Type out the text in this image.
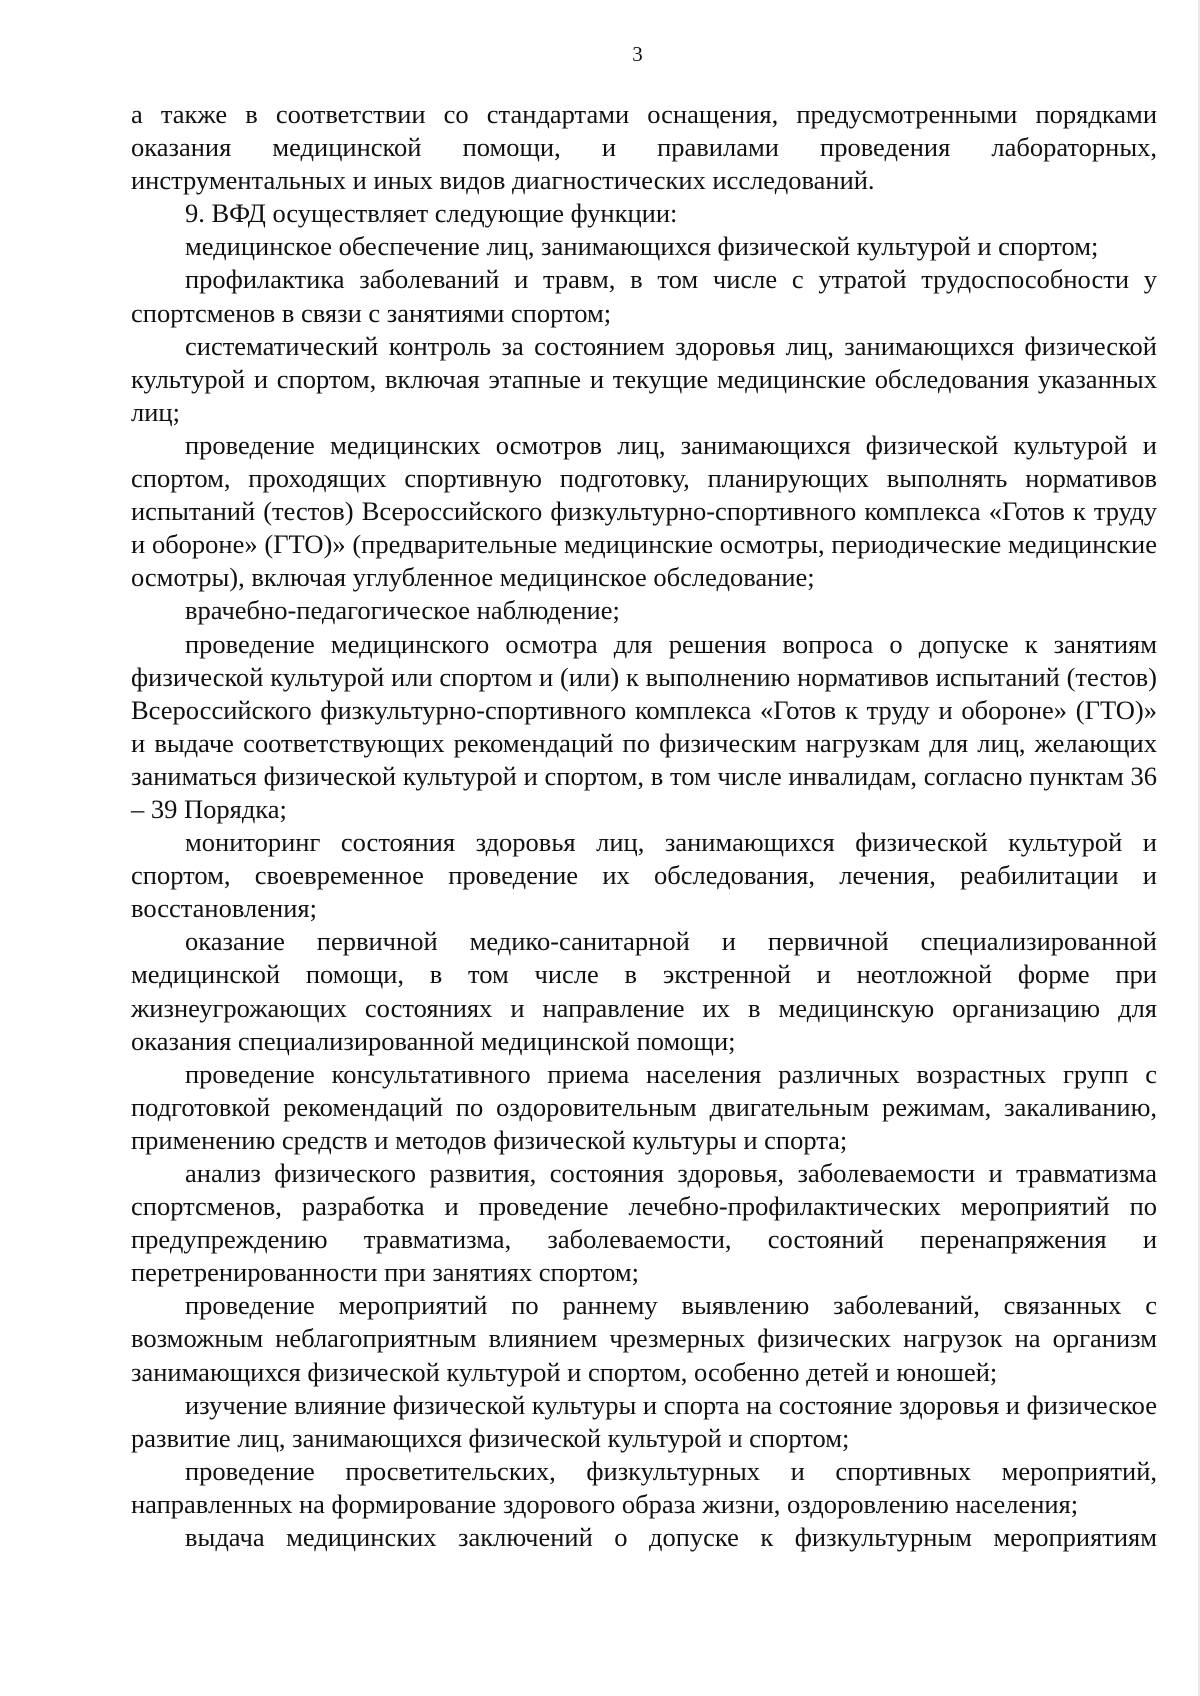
3

а также в соответствии со стандартами оснащения, предусмотренными порядками оказания медицинской помощи, и правилами проведения лабораторных, инструментальных и иных видов диагностических исследований.

9. ВФД осуществляет следующие функции:

медицинское обеспечение лиц, занимающихся физической культурой и спортом;

профилактика заболеваний и травм, в том числе с утратой трудоспособности у спортсменов в связи с занятиями спортом;

систематический контроль за состоянием здоровья лиц, занимающихся физической культурой и спортом, включая этапные и текущие медицинские обследования указанных лиц;

проведение медицинских осмотров лиц, занимающихся физической культурой и спортом, проходящих спортивную подготовку, планирующих выполнять нормативов испытаний (тестов) Всероссийского физкультурно-спортивного комплекса «Готов к труду и обороне» (ГТО)» (предварительные медицинские осмотры, периодические медицинские осмотры), включая углубленное медицинское обследование;

врачебно-педагогическое наблюдение;

проведение медицинского осмотра для решения вопроса о допуске к занятиям физической культурой или спортом и (или) к выполнению нормативов испытаний (тестов) Всероссийского физкультурно-спортивного комплекса «Готов к труду и обороне» (ГТО)» и выдаче соответствующих рекомендаций по физическим нагрузкам для лиц, желающих заниматься физической культурой и спортом, в том числе инвалидам, согласно пунктам 36 – 39 Порядка;

мониторинг состояния здоровья лиц, занимающихся физической культурой и спортом, своевременное проведение их обследования, лечения, реабилитации и восстановления;

оказание первичной медико-санитарной и первичной специализированной медицинской помощи, в том числе в экстренной и неотложной форме при жизнеугрожающих состояниях и направление их в медицинскую организацию для оказания специализированной медицинской помощи;

проведение консультативного приема населения различных возрастных групп с подготовкой рекомендаций по оздоровительным двигательным режимам, закаливанию, применению средств и методов физической культуры и спорта;

анализ физического развития, состояния здоровья, заболеваемости и травматизма спортсменов, разработка и проведение лечебно-профилактических мероприятий по предупреждению травматизма, заболеваемости, состояний перенапряжения и перетренированности при занятиях спортом;

проведение мероприятий по раннему выявлению заболеваний, связанных с возможным неблагоприятным влиянием чрезмерных физических нагрузок на организм занимающихся физической культурой и спортом, особенно детей и юношей;

изучение влияние физической культуры и спорта на состояние здоровья и физическое развитие лиц, занимающихся физической культурой и спортом;

проведение просветительских, физкультурных и спортивных мероприятий, направленных на формирование здорового образа жизни, оздоровлению населения;

выдача медицинских заключений о допуске к физкультурным мероприятиям
